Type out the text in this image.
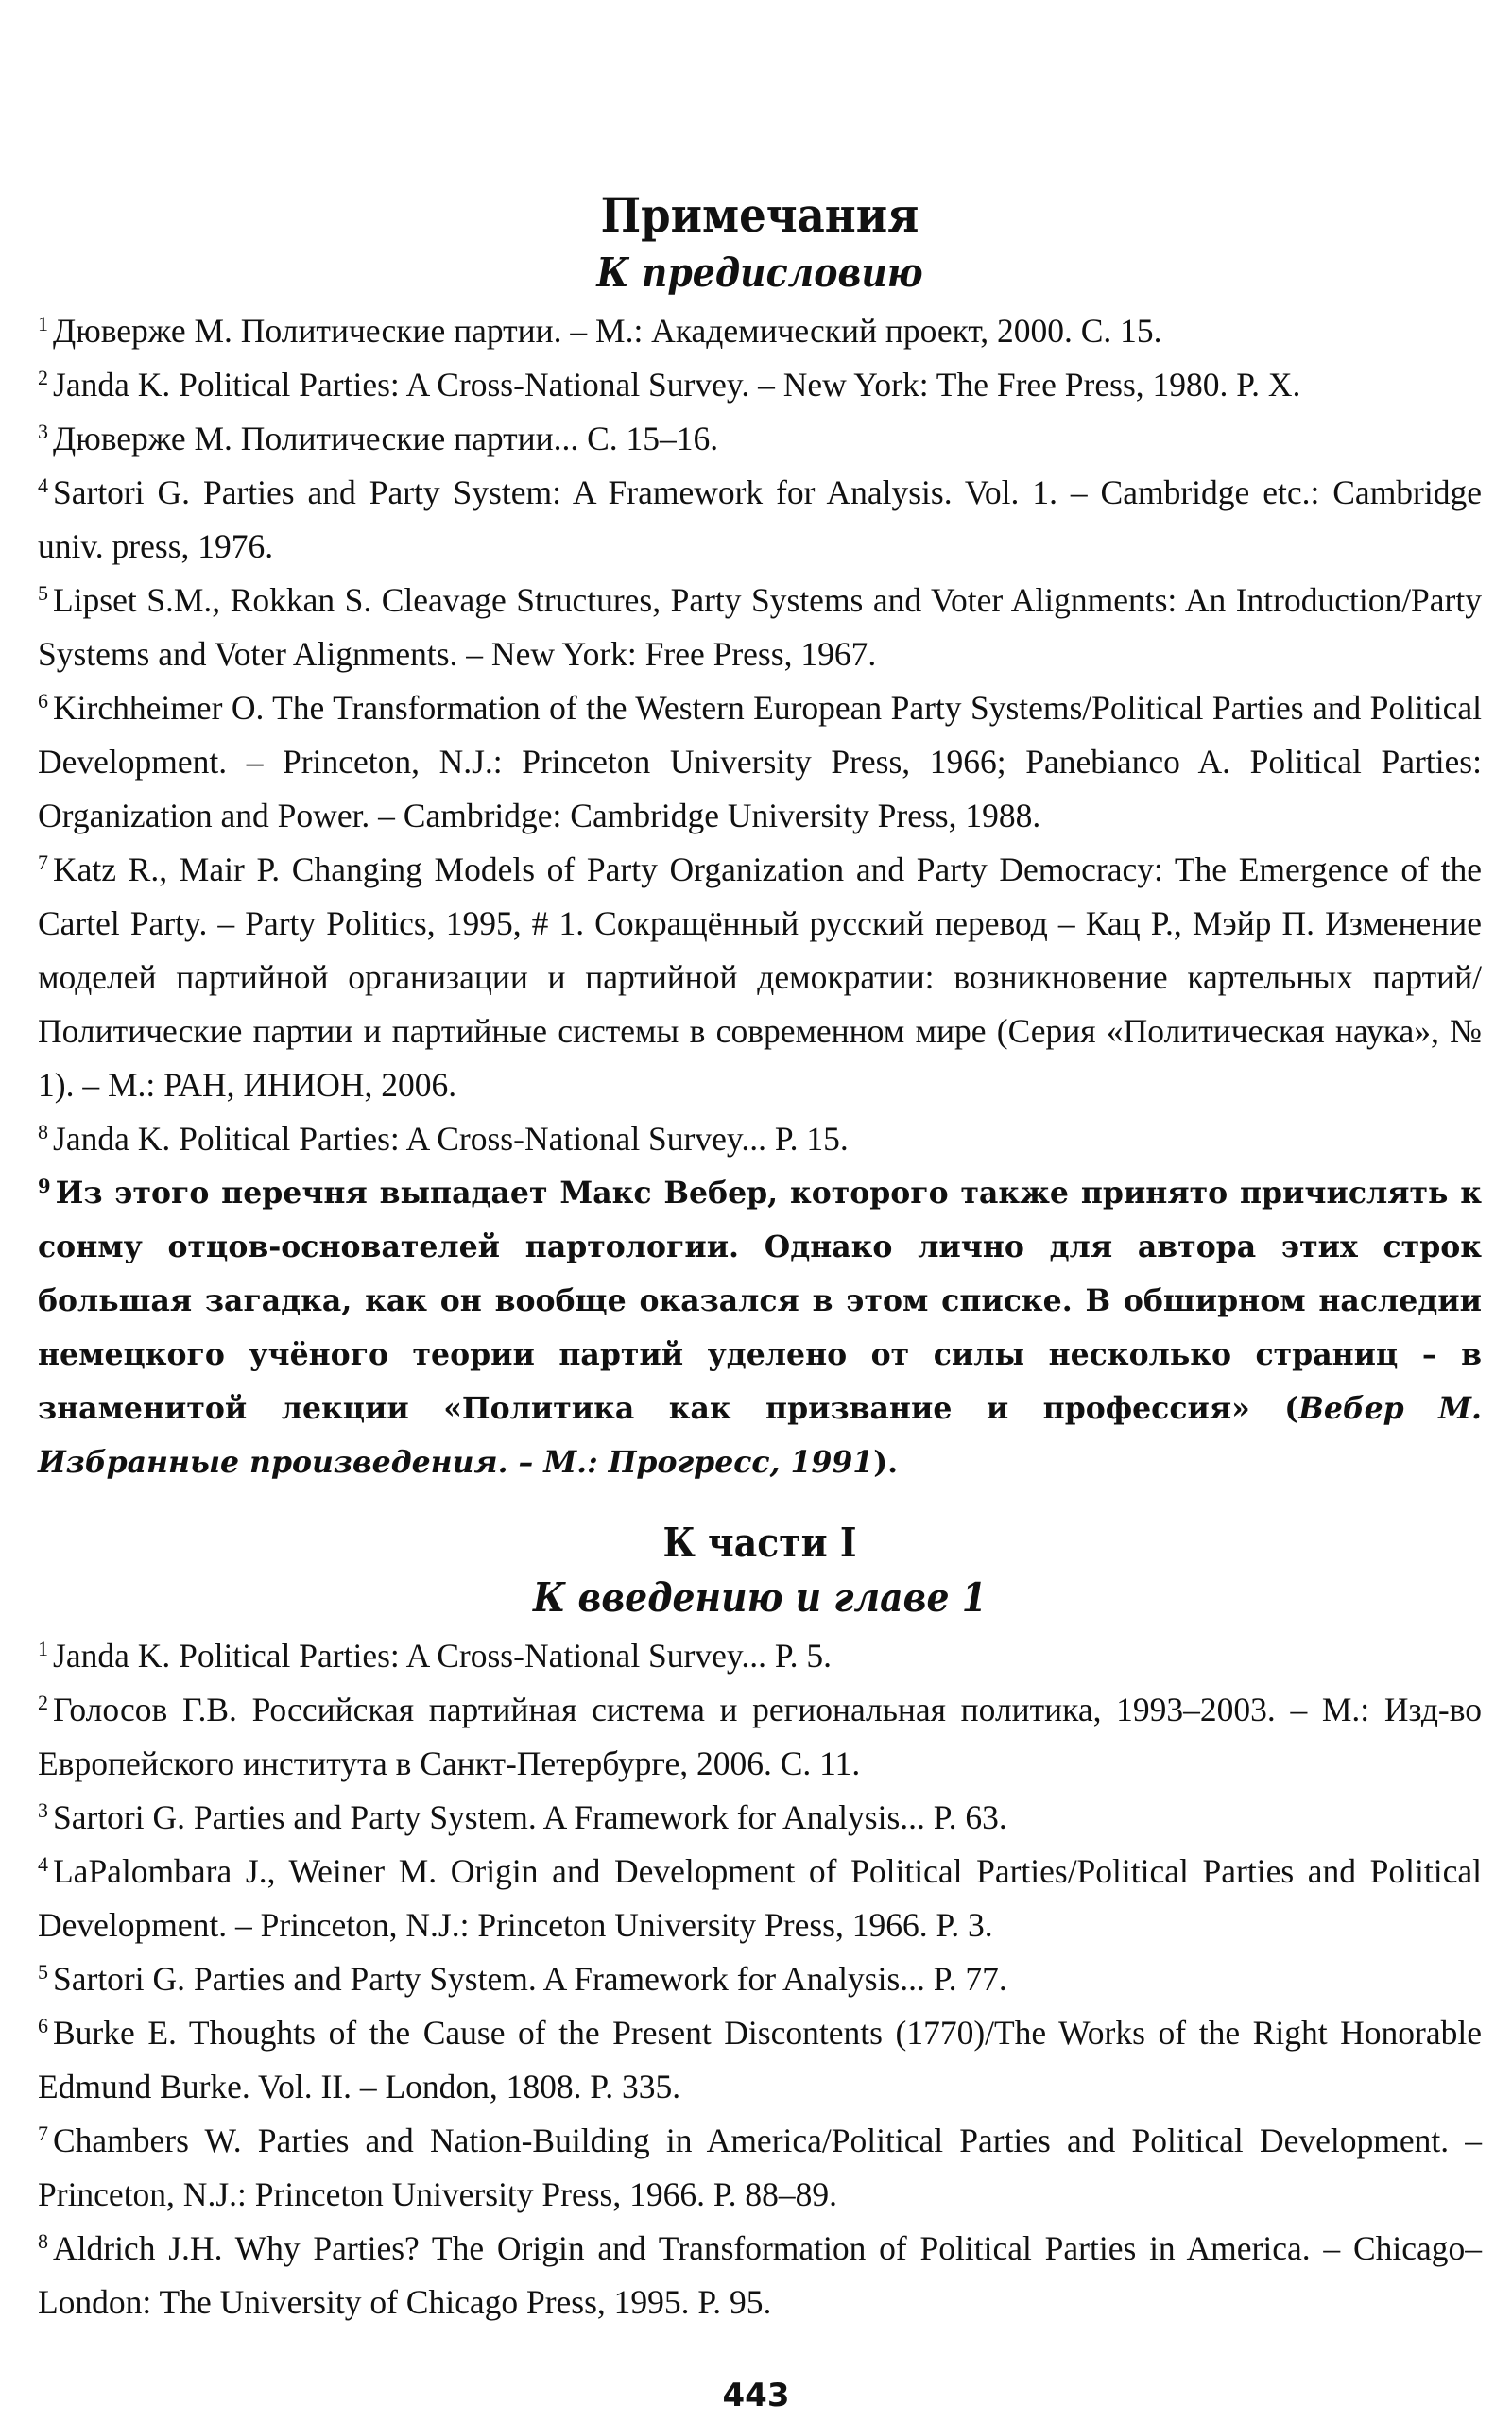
Примечания
К предисловию

$^1$ Дюверже М. Политические партии. – М.: Академический проект, 2000. С. 15.

$^2$ Janda K. Political Parties: A Cross-National Survey. – New York: The Free Press, 1980. P. X.

$^3$ Дюверже М. Политические партии... С. 15–16.

$^4$ Sartori G. Parties and Party System: A Framework for Analysis. Vol. 1. – Cambridge etc.: Cambridge univ. press, 1976.

$^5$ Lipset S.M., Rokkan S. Cleavage Structures, Party Systems and Voter Alignments: An Introduction/Party Systems and Voter Alignments. – New York: Free Press, 1967.

$^6$ Kirchheimer O. The Transformation of the Western European Party Systems/Political Parties and Political Development. – Princeton, N.J.: Princeton University Press, 1966; Panebianco A. Political Parties: Organization and Power. – Cambridge: Cambridge University Press, 1988.

$^7$ Katz R., Mair P. Changing Models of Party Organization and Party Democracy: The Emergence of the Cartel Party. – Party Politics, 1995, # 1. Сокращённый русский перевод – Кац Р., Мэйр П. Изменение моделей партийной организации и партийной демократии: возникновение картельных партий/Политические партии и партийные системы в современном мире (Серия «Политическая наука», № 1). – М.: РАН, ИНИОН, 2006.

$^8$ Janda K. Political Parties: A Cross-National Survey... P. 15.

$^9$ Из этого перечня выпадает Макс Вебер, которого также принято причислять к сонму отцов-основателей партологии. Однако лично для автора этих строк большая загадка, как он вообще оказался в этом списке. В обширном наследии немецкого учёного теории партий уделено от силы несколько страниц – в знаменитой лекции «Политика как призвание и профессия» (Вебер М. Избранные произведения. – М.: Прогресс, 1991).

К части I
К введению и главе 1

$^1$ Janda K. Political Parties: A Cross-National Survey... P. 5.

$^2$ Голосов Г.В. Российская партийная система и региональная политика, 1993–2003. – М.: Изд-во Европейского института в Санкт-Петербурге, 2006. С. 11.

$^3$ Sartori G. Parties and Party System. A Framework for Analysis... P. 63.

$^4$ LaPalombara J., Weiner M. Origin and Development of Political Parties/Political Parties and Political Development. – Princeton, N.J.: Princeton University Press, 1966. P. 3.

$^5$ Sartori G. Parties and Party System. A Framework for Analysis... P. 77.

$^6$ Burke E. Thoughts of the Cause of the Present Discontents (1770)/The Works of the Right Honorable Edmund Burke. Vol. II. – London, 1808. P. 335.

$^7$ Chambers W. Parties and Nation-Building in America/Political Parties and Political Development. – Princeton, N.J.: Princeton University Press, 1966. P. 88–89.

$^8$ Aldrich J.H. Why Parties? The Origin and Transformation of Political Parties in America. – Chicago–London: The University of Chicago Press, 1995. P. 95.

443
